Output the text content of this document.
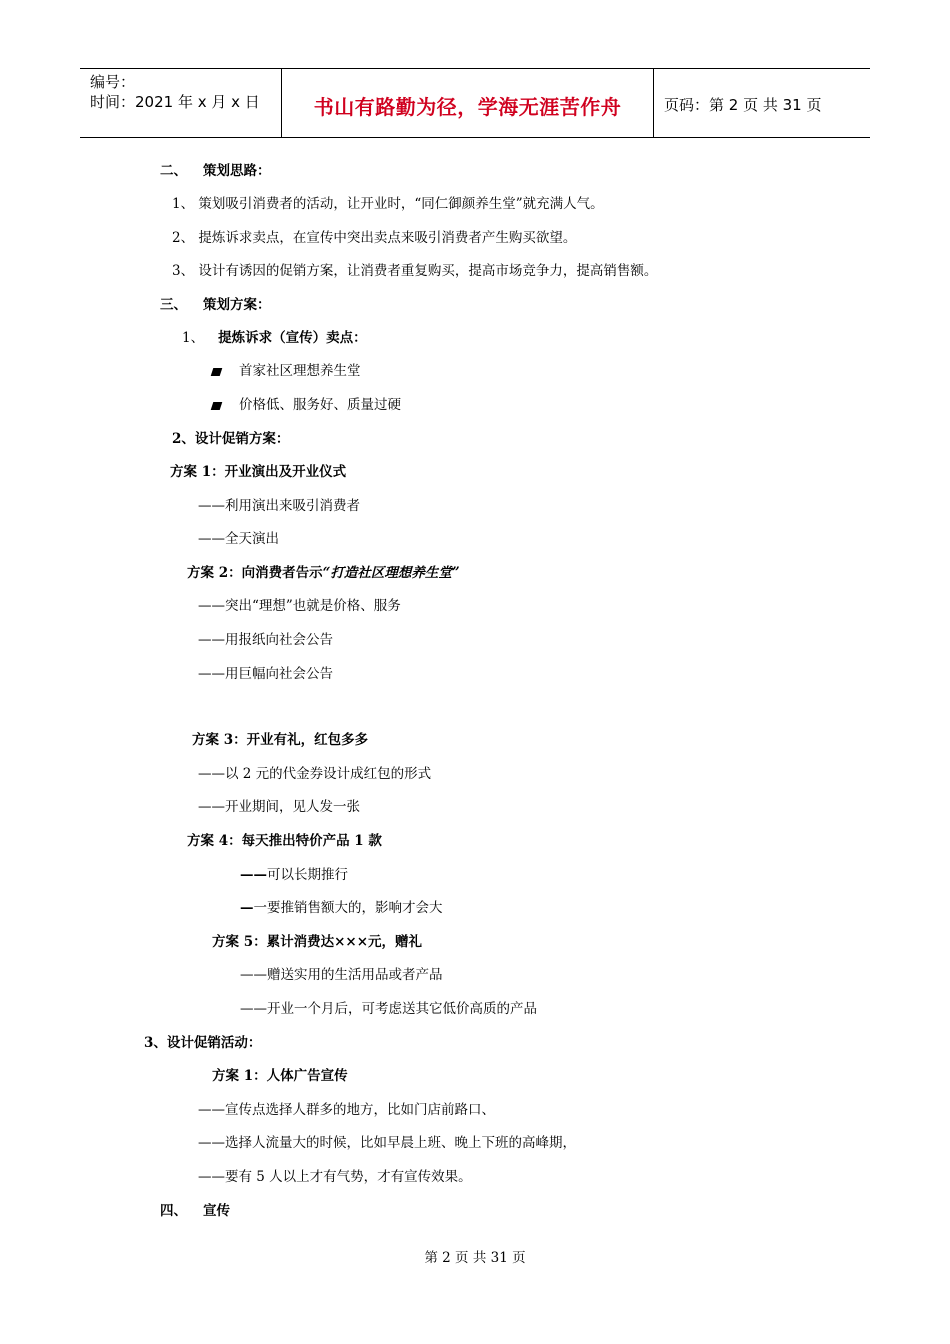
编号：
时间：2021 年 x 月 x 日	书山有路勤为径，学海无涯苦作舟	页码：第 2 页 共 31 页
二、 策划思路：
1、 策划吸引消费者的活动，让开业时，“同仁御颜养生堂”就充满人气。
2、 提炼诉求卖点，在宣传中突出卖点来吸引消费者产生购买欲望。
3、 设计有诱因的促销方案，让消费者重复购买，提高市场竞争力，提高销售额。
三、 策划方案：
1、 提炼诉求（宣传）卖点：
首家社区理想养生堂
价格低、服务好、质量过硬
2、设计促销方案：
方案 1：开业演出及开业仪式
——利用演出来吸引消费者
——全天演出
方案 2：向消费者告示“打造社区理想养生堂”
——突出“理想”也就是价格、服务
——用报纸向社会公告
——用巨幅向社会公告
方案 3：开业有礼，红包多多
——以 2 元的代金券设计成红包的形式
——开业期间，见人发一张
方案 4：每天推出特价产品 1 款
——可以长期推行
—一要推销售额大的，影响才会大
方案 5：累计消费达×××元，赠礼
——赠送实用的生活用品或者产品
——开业一个月后，可考虑送其它低价高质的产品
3、设计促销活动：
方案 1：人体广告宣传
——宣传点选择人群多的地方，比如门店前路口、
——选择人流量大的时候，比如早晨上班、晚上下班的高峰期，
——要有 5 人以上才有气势，才有宣传效果。
四、 宣传
第 2 页 共 31 页
